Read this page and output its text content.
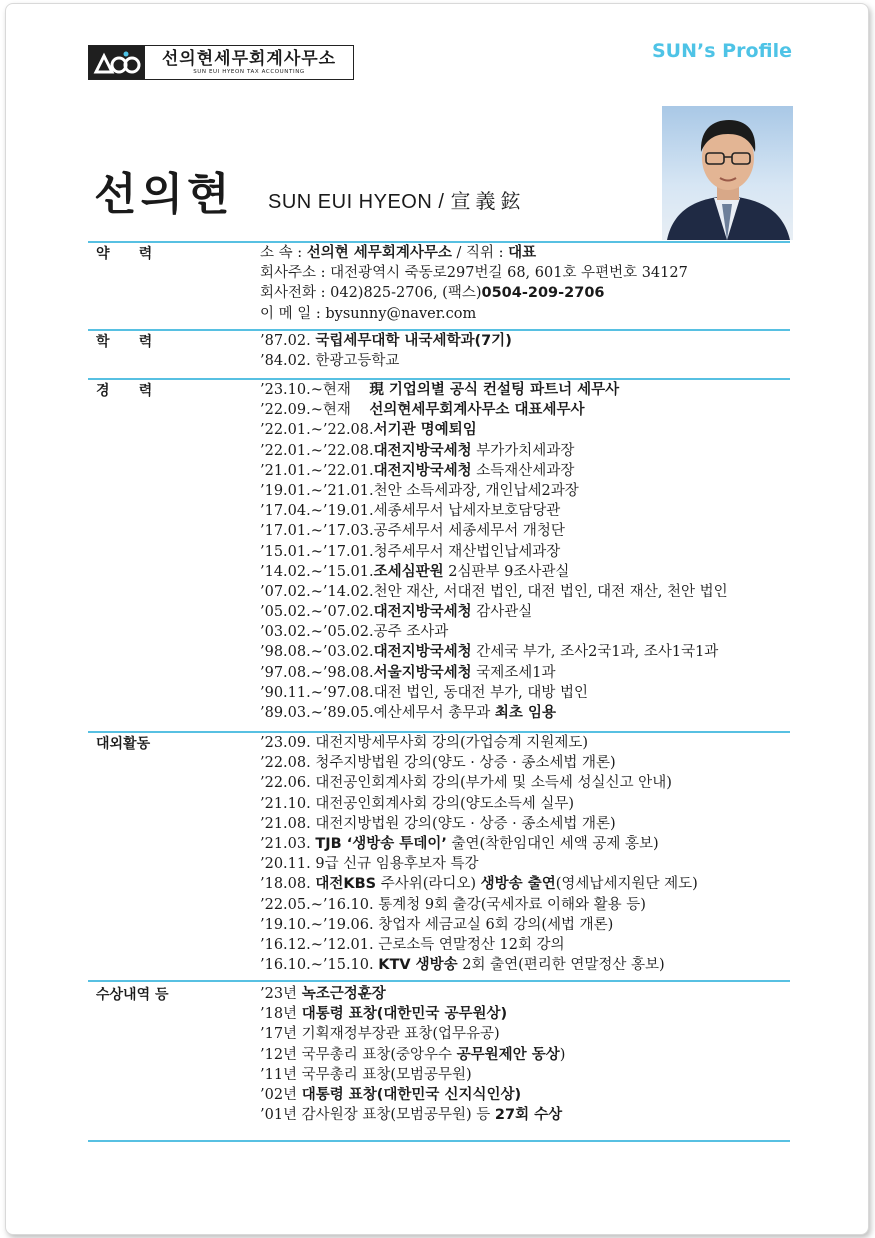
선의현세무회계사무소
SUN EUI HYEON TAX ACCOUNTING
SUN’s Profile
선의현 SUN EUI HYEON / 宣義鉉
약      력	소 속 : 선의현 세무회계사무소 / 직위 : 대표
회사주소 : 대전광역시 죽동로297번길 68, 601호 우편번호 34127
회사전화 : 042)825-2706, (팩스)0504-209-2706
이 메 일 : bysunny@naver.com
학      력	’87.02. 국립세무대학 내국세학과(7기)
’84.02. 한광고등학교
경      력	’23.10.~현재    現 기업의별 공식 컨설팅 파트너 세무사
’22.09.~현재    선의현세무회계사무소 대표세무사
’22.01.~’22.08.서기관 명예퇴임
’22.01.~’22.08.대전지방국세청 부가가치세과장
’21.01.~’22.01.대전지방국세청 소득재산세과장
’19.01.~’21.01.천안 소득세과장, 개인납세2과장
’17.04.~’19.01.세종세무서 납세자보호담당관
’17.01.~’17.03.공주세무서 세종세무서 개청단
’15.01.~’17.01.청주세무서 재산법인납세과장
’14.02.~’15.01.조세심판원 2심판부 9조사관실
’07.02.~’14.02.천안 재산, 서대전 법인, 대전 법인, 대전 재산, 천안 법인
’05.02.~’07.02.대전지방국세청 감사관실
’03.02.~’05.02.공주 조사과
’98.08.~’03.02.대전지방국세청 간세국 부가, 조사2국1과, 조사1국1과
’97.08.~’98.08.서울지방국세청 국제조세1과
’90.11.~’97.08.대전 법인, 동대전 부가, 대방 법인
’89.03.~’89.05.예산세무서 총무과 최초 임용
대외활동	’23.09. 대전지방세무사회 강의(가업승계 지원제도)
’22.08. 청주지방법원 강의(양도 · 상증 · 종소세법 개론)
’22.06. 대전공인회계사회 강의(부가세 및 소득세 성실신고 안내)
’21.10. 대전공인회계사회 강의(양도소득세 실무)
’21.08. 대전지방법원 강의(양도 · 상증 · 종소세법 개론)
’21.03. TJB ‘생방송 투데이’ 출연(착한임대인 세액 공제 홍보)
’20.11. 9급 신규 임용후보자 특강
’18.08. 대전KBS 주사위(라디오) 생방송 출연(영세납세지원단 제도)
’22.05.~’16.10. 통계청 9회 출강(국세자료 이해와 활용 등)
’19.10.~’19.06. 창업자 세금교실 6회 강의(세법 개론)
’16.12.~’12.01. 근로소득 연말정산 12회 강의
’16.10.~’15.10. KTV 생방송 2회 출연(편리한 연말정산 홍보)
수상내역 등	’23년 녹조근정훈장
’18년 대통령 표창(대한민국 공무원상)
’17년 기획재정부장관 표창(업무유공)
’12년 국무총리 표창(중앙우수 공무원제안 동상)
’11년 국무총리 표창(모범공무원)
’02년 대통령 표창(대한민국 신지식인상)
’01년 감사원장 표창(모범공무원) 등 27회 수상
